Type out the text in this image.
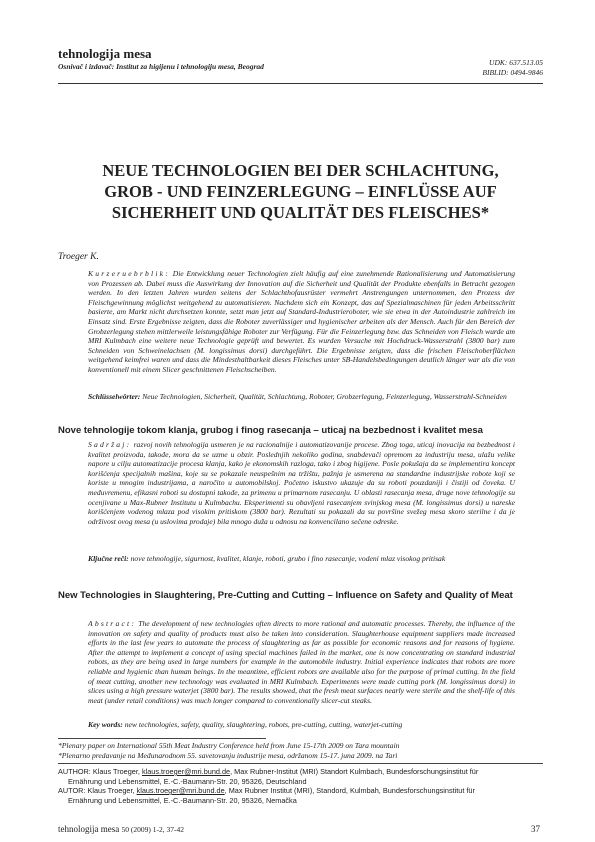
tehnologija mesa
Osnivač i izdavač: Institut za higijenu i tehnologiju mesa, Beograd	UDK: 637.513.05
BIBLID: 0494-9846
NEUE TECHNOLOGIEN BEI DER SCHLACHTUNG,
GROB - UND FEINZERLEGUNG – EINFLÜSSE AUF
SICHERHEIT UND QUALITÄT DES FLEISCHES*
Troeger K.
Kurzeruebrblik: Die Entwicklung neuer Technologien zielt häufig auf eine zunehmende Rationalisierung und Automatisierung von Prozessen ab. Dabei muss die Auswirkung der Innovation auf die Sicherheit und Qualität der Produkte ebenfalls in Betracht gezogen werden. In den letzten Jahren wurden seitens der Schlachthofausrüster vermehrt Anstrengungen unternommen, den Prozess der Fleischgewinnung möglichst weitgehend zu automatisieren. Nachdem sich ein Konzept, das auf Spezialmaschinen für jeden Arbeitsschritt basierte, am Markt nicht durchsetzen konnte, setzt man jetzt auf Standard-Industrieroboter, wie sie etwa in der Autoindustrie zahlreich im Einsatz sind. Erste Ergebnisse zeigten, dass die Roboter zuverlässiger und hygienischer arbeiten als der Mensch. Auch für den Bereich der Grobzerlegung stehen mittlerweile leistungsfähige Roboter zur Verfügung. Für die Feinzerlegung bzw. das Schneiden von Fleisch wurde am MRI Kulmbach eine weitere neue Technologie geprüft und bewertet. Es wurden Versuche mit Hochdruck-Wasserstrahl (3800 bar) zum Schneiden von Schweinelachsen (M. longissimus dorsi) durchgeführt. Die Ergebnisse zeigten, dass die frischen Fleischoberflächen weitgehend keimfrei waren und dass die Mindesthaltbarkeit dieses Fleisches unter SB-Handelsbedingungen deutlich länger war als die von konventionell mit einem Slicer geschnittenen Fleischscheiben.
Schlüsselwörter: Neue Technologien, Sicherheit, Qualität, Schlachtung, Roboter, Grobzerlegung, Feinzerlegung, Wasserstrahl-Schneiden
Nove tehnologije tokom klanja, grubog i finog rasecanja – uticaj na bezbednost i kvalitet mesa
Sadržaj: razvoj novih tehnologija usmeren je na racionalnije i automatizovanije procese. Zbog toga, uticaj inovacija na bezbednost i kvalitet proizvoda, takođe, mora da se uzme u obzir. Poslednjih nekoliko godina, snabdevači opremom za industriju mesa, ulažu velike napore u cilju automatizacije procesa klanja, kako je ekonomskih razloga, tako i zbog higijene. Posle pokušaja da se implementira koncept korišćenja specijalnih mašina, koje su se pokazale neuspešnim na tržištu, pažnja je usmerena na standardne industrijske robote koji se koriste u mnogim industrijama, a naročito u automobilskoj. Početno iskustvo ukazuje da su roboti pouzdaniji i čistiji od čoveka. U međuvremenu, efikasni roboti su dostupni takođe, za primenu u primarnom rasecanju. U oblasti rasecanja mesa, druge nove tehnologije su ocenjivane u Max-Rubner Institutu u Kulmbachu. Eksperimenti su obavljeni rasecanjem svinjskog mesa (M. longissimus dorsi) u nareske korišćenjem vodenog mlaza pod visokim pritiskom (3800 bar). Rezultati su pokazali da su površine svežeg mesa skoro sterilne i da je održivost ovog mesa (u uslovima prodaje) bila mnogo duža u odnosu na konvencilano sečene odreske.
Ključne reči: nove tehnologije, sigurnost, kvalitet, klanje, roboti, grubo i fino rasecanje, vodeni mlaz visokog pritisak
New Technologies in Slaughtering, Pre-Cutting and Cutting – Influence on Safety and Quality of Meat
Abstract: The development of new technologies often directs to more rational and automatic processes. Thereby, the influence of the innovation on safety and quality of products must also be taken into consideration. Slaughterhouse equipment suppliers made increased efforts in the last few years to automate the process of slaughtering as far as possible for economic reasons and for reasons of hygiene. After the attempt to implement a concept of using special machines failed in the market, one is now concentrating on standard industrial robots, as they are being used in large numbers for example in the automobile industry. Initial experience indicates that robots are more reliable and hygienic than human beings. In the meantime, efficient robots are available also for the purpose of primal cutting. In the field of meat cutting, another new technology was evaluated in MRI Kulmbach. Experiments were made cutting pork (M. longissimus dorsi) in slices using a high pressure waterjet (3800 bar). The results showed, that the fresh meat surfaces nearly were sterile and the shelf-life of this meat (under retail conditions) was much longer compared to conventionally slicer-cut steaks.
Key words: new technologies, safety, quality, slaughtering, robots, pre-cutting, cutting, waterjet-cutting
*Plenary paper on International 55th Meat Industry Conference held from June 15-17th 2009 on Tara mountain
*Plenarno predavanje na Međunarodnom 55. savetovanju industrije mesa, održanom 15-17. juna 2009. na Tari
AUTHOR: Klaus Troeger, klaus.troeger@mri.bund.de, Max Rubner-Institut (MRI) Standort Kulmbach, Bundesforschungsinstitut für
Ernährung und Lebensmittel, E.-C.-Baumann-Str. 20, 95326, Deutschland
AUTOR: Klaus Troeger, klaus.troeger@mri.bund.de, Max Rubner Institut (MRI), Standord, Kulmbah, Bundesforschungsinstitut für
Ernährung und Lebensmittel, E.-C.-Baumann-Str. 20, 95326, Nemačka
tehnologija mesa 50 (2009) 1-2, 37-42	37
